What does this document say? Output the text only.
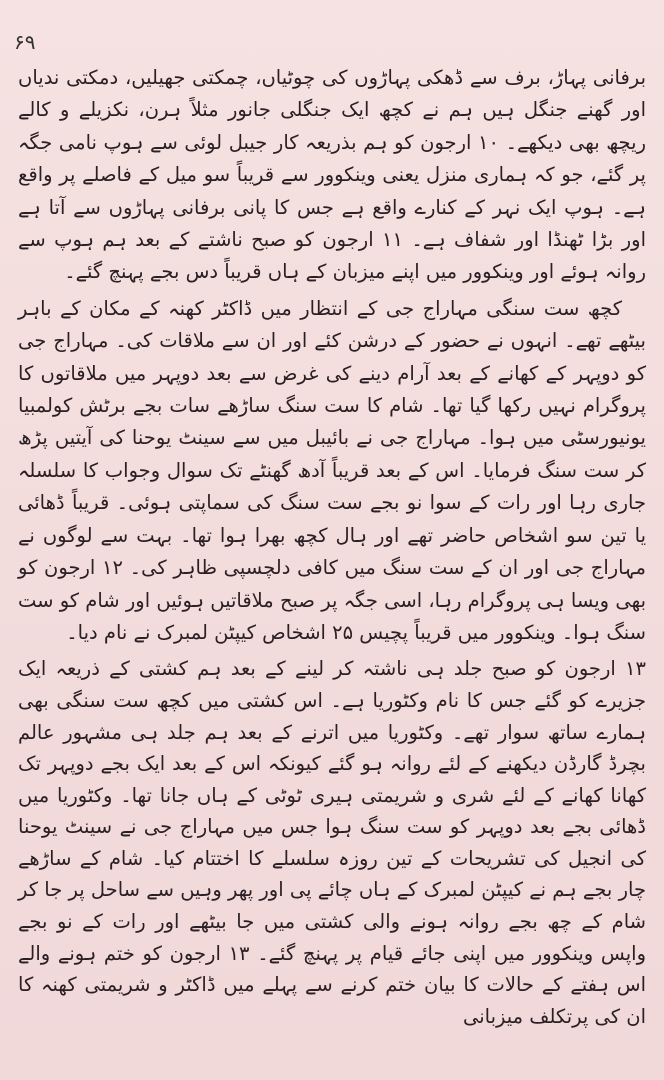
۶۹

برفانی پہاڑ، برف سے ڈھکی پہاڑوں کی چوٹیاں، چمکتی جھیلیں، دمکتی ندیاں اور گھنے جنگل ہیں ہم نے کچھ ایک جنگلی جانور مثلاً ہرن، نکزیلے و کالے ریچھ بھی دیکھے۔ ۱۰ ارجون کو ہم بذریعہ کار جیبل لوئی سے ہوپ نامی جگہ پر گئے، جو کہ ہماری منزل یعنی وینکوور سے قریباً سو میل کے فاصلے پر واقع ہے۔ ہوپ ایک نہر کے کنارے واقع ہے جس کا پانی برفانی پہاڑوں سے آتا ہے اور بڑا ٹھنڈا اور شفاف ہے۔ ۱۱ ارجون کو صبح ناشتے کے بعد ہم ہوپ سے روانہ ہوئے اور وینکوور میں اپنے میزبان کے ہاں قریباً دس بجے پہنچ گئے۔

کچھ ست سنگی مہاراج جی کے انتظار میں ڈاکٹر کھنہ کے مکان کے باہر بیٹھے تھے۔ انہوں نے حضور کے درشن کئے اور ان سے ملاقات کی۔ مہاراج جی کو دوپہر کے کھانے کے بعد آرام دینے کی غرض سے بعد دوپہر میں ملاقاتوں کا پروگرام نہیں رکھا گیا تھا۔ شام کا ست سنگ ساڑھے سات بجے برٹش کولمبیا یونیورسٹی میں ہوا۔ مہاراج جی نے بائیبل میں سے سینٹ یوحنا کی آیتیں پڑھ کر ست سنگ فرمایا۔ اس کے بعد قریباً آدھ گھنٹے تک سوال وجواب کا سلسلہ جاری رہا اور رات کے سوا نو بجے ست سنگ کی سماپتی ہوئی۔ قریباً ڈھائی یا تین سو اشخاص حاضر تھے اور ہال کچھ بھرا ہوا تھا۔ بہت سے لوگوں نے مہاراج جی اور ان کے ست سنگ میں کافی دلچسپی ظاہر کی۔ ۱۲ ارجون کو بھی ویسا ہی پروگرام رہا، اسی جگہ پر صبح ملاقاتیں ہوئیں اور شام کو ست سنگ ہوا۔ وینکوور میں قریباً پچیس ۲۵ اشخاص کیپٹن لمبرک نے نام دیا۔

۱۳ ارجون کو صبح جلد ہی ناشتہ کر لینے کے بعد ہم کشتی کے ذریعہ ایک جزیرے کو گئے جس کا نام وکٹوریا ہے۔ اس کشتی میں کچھ ست سنگی بھی ہمارے ساتھ سوار تھے۔ وکٹوریا میں اترنے کے بعد ہم جلد ہی مشہور عالم بچرڈ گارڈن دیکھنے کے لئے روانہ ہو گئے کیونکہ اس کے بعد ایک بجے دوپہر تک کھانا کھانے کے لئے شری و شریمتی ہیری ٹوٹی کے ہاں جانا تھا۔ وکٹوریا میں ڈھائی بجے بعد دوپہر کو ست سنگ ہوا جس میں مہاراج جی نے سینٹ یوحنا کی انجیل کی تشریحات کے تین روزہ سلسلے کا اختتام کیا۔ شام کے ساڑھے چار بجے ہم نے کیپٹن لمبرک کے ہاں چائے پی اور پھر وہیں سے ساحل پر جا کر شام کے چھ بجے روانہ ہونے والی کشتی میں جا بیٹھے اور رات کے نو بجے واپس وینکوور میں اپنی جائے قیام پر پہنچ گئے۔ ۱۳ ارجون کو ختم ہونے والے اس ہفتے کے حالات کا بیان ختم کرنے سے پہلے میں ڈاکٹر و شریمتی کھنہ کا ان کی پرتکلف میزبانی
